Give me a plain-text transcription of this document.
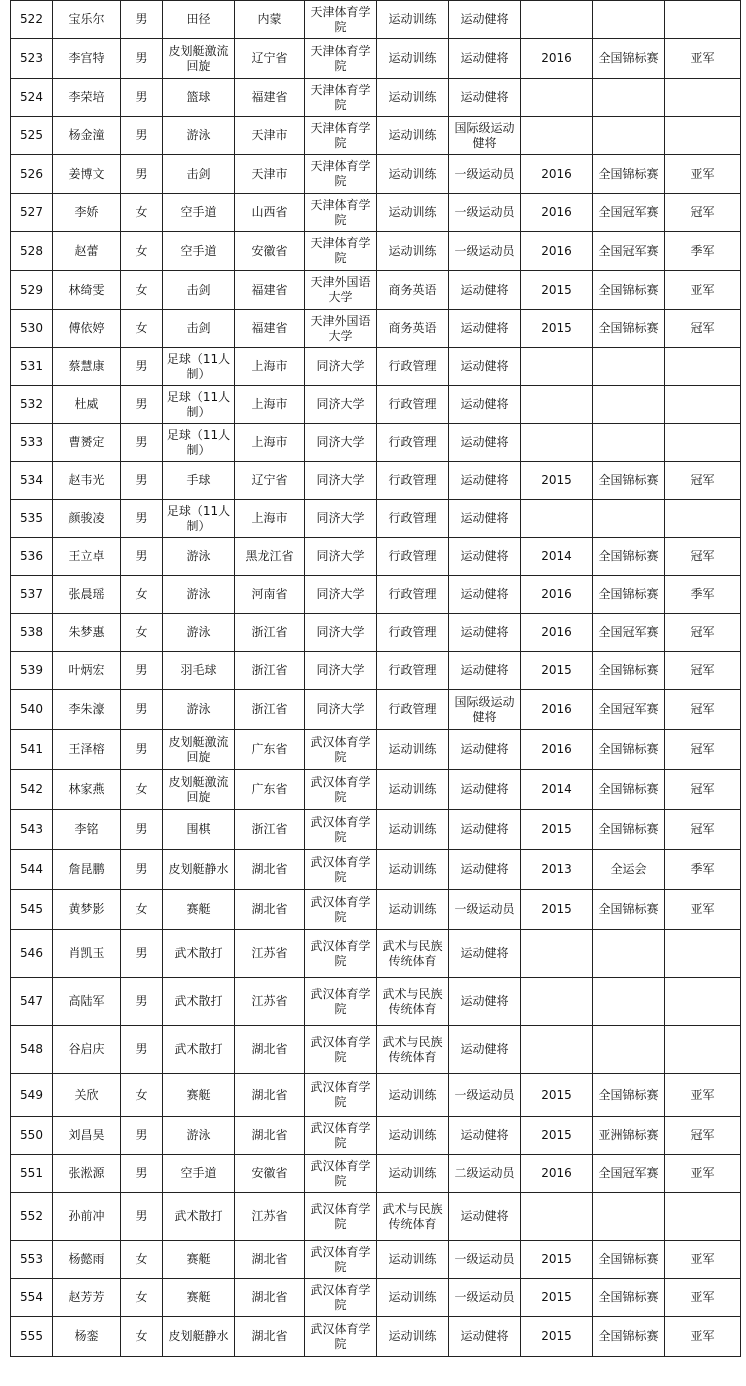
522	宝乐尔	男	田径	内蒙	天津体育学院	运动训练	运动健将			
523	李宫特	男	皮划艇激流回旋	辽宁省	天津体育学院	运动训练	运动健将	2016	全国锦标赛	亚军
524	李荣培	男	篮球	福建省	天津体育学院	运动训练	运动健将			
525	杨金潼	男	游泳	天津市	天津体育学院	运动训练	国际级运动健将			
526	姜博文	男	击剑	天津市	天津体育学院	运动训练	一级运动员	2016	全国锦标赛	亚军
527	李娇	女	空手道	山西省	天津体育学院	运动训练	一级运动员	2016	全国冠军赛	冠军
528	赵蕾	女	空手道	安徽省	天津体育学院	运动训练	一级运动员	2016	全国冠军赛	季军
529	林绮雯	女	击剑	福建省	天津外国语大学	商务英语	运动健将	2015	全国锦标赛	亚军
530	傅依婷	女	击剑	福建省	天津外国语大学	商务英语	运动健将	2015	全国锦标赛	冠军
531	蔡慧康	男	足球（11人制）	上海市	同济大学	行政管理	运动健将			
532	杜威	男	足球（11人制）	上海市	同济大学	行政管理	运动健将			
533	曹赟定	男	足球（11人制）	上海市	同济大学	行政管理	运动健将			
534	赵韦光	男	手球	辽宁省	同济大学	行政管理	运动健将	2015	全国锦标赛	冠军
535	颜骏凌	男	足球（11人制）	上海市	同济大学	行政管理	运动健将			
536	王立卓	男	游泳	黑龙江省	同济大学	行政管理	运动健将	2014	全国锦标赛	冠军
537	张晨瑶	女	游泳	河南省	同济大学	行政管理	运动健将	2016	全国锦标赛	季军
538	朱梦惠	女	游泳	浙江省	同济大学	行政管理	运动健将	2016	全国冠军赛	冠军
539	叶炳宏	男	羽毛球	浙江省	同济大学	行政管理	运动健将	2015	全国锦标赛	冠军
540	李朱濠	男	游泳	浙江省	同济大学	行政管理	国际级运动健将	2016	全国冠军赛	冠军
541	王泽榕	男	皮划艇激流回旋	广东省	武汉体育学院	运动训练	运动健将	2016	全国锦标赛	冠军
542	林家燕	女	皮划艇激流回旋	广东省	武汉体育学院	运动训练	运动健将	2014	全国锦标赛	冠军
543	李铭	男	围棋	浙江省	武汉体育学院	运动训练	运动健将	2015	全国锦标赛	冠军
544	詹昆鹏	男	皮划艇静水	湖北省	武汉体育学院	运动训练	运动健将	2013	全运会	季军
545	黄梦影	女	赛艇	湖北省	武汉体育学院	运动训练	一级运动员	2015	全国锦标赛	亚军
546	肖凯玉	男	武术散打	江苏省	武汉体育学院	武术与民族传统体育	运动健将			
547	高陆军	男	武术散打	江苏省	武汉体育学院	武术与民族传统体育	运动健将			
548	谷启庆	男	武术散打	湖北省	武汉体育学院	武术与民族传统体育	运动健将			
549	关欣	女	赛艇	湖北省	武汉体育学院	运动训练	一级运动员	2015	全国锦标赛	亚军
550	刘昌昊	男	游泳	湖北省	武汉体育学院	运动训练	运动健将	2015	亚洲锦标赛	冠军
551	张淞源	男	空手道	安徽省	武汉体育学院	运动训练	二级运动员	2016	全国冠军赛	亚军
552	孙前冲	男	武术散打	江苏省	武汉体育学院	武术与民族传统体育	运动健将			
553	杨懿雨	女	赛艇	湖北省	武汉体育学院	运动训练	一级运动员	2015	全国锦标赛	亚军
554	赵芳芳	女	赛艇	湖北省	武汉体育学院	运动训练	一级运动员	2015	全国锦标赛	亚军
555	杨銮	女	皮划艇静水	湖北省	武汉体育学院	运动训练	运动健将	2015	全国锦标赛	亚军
